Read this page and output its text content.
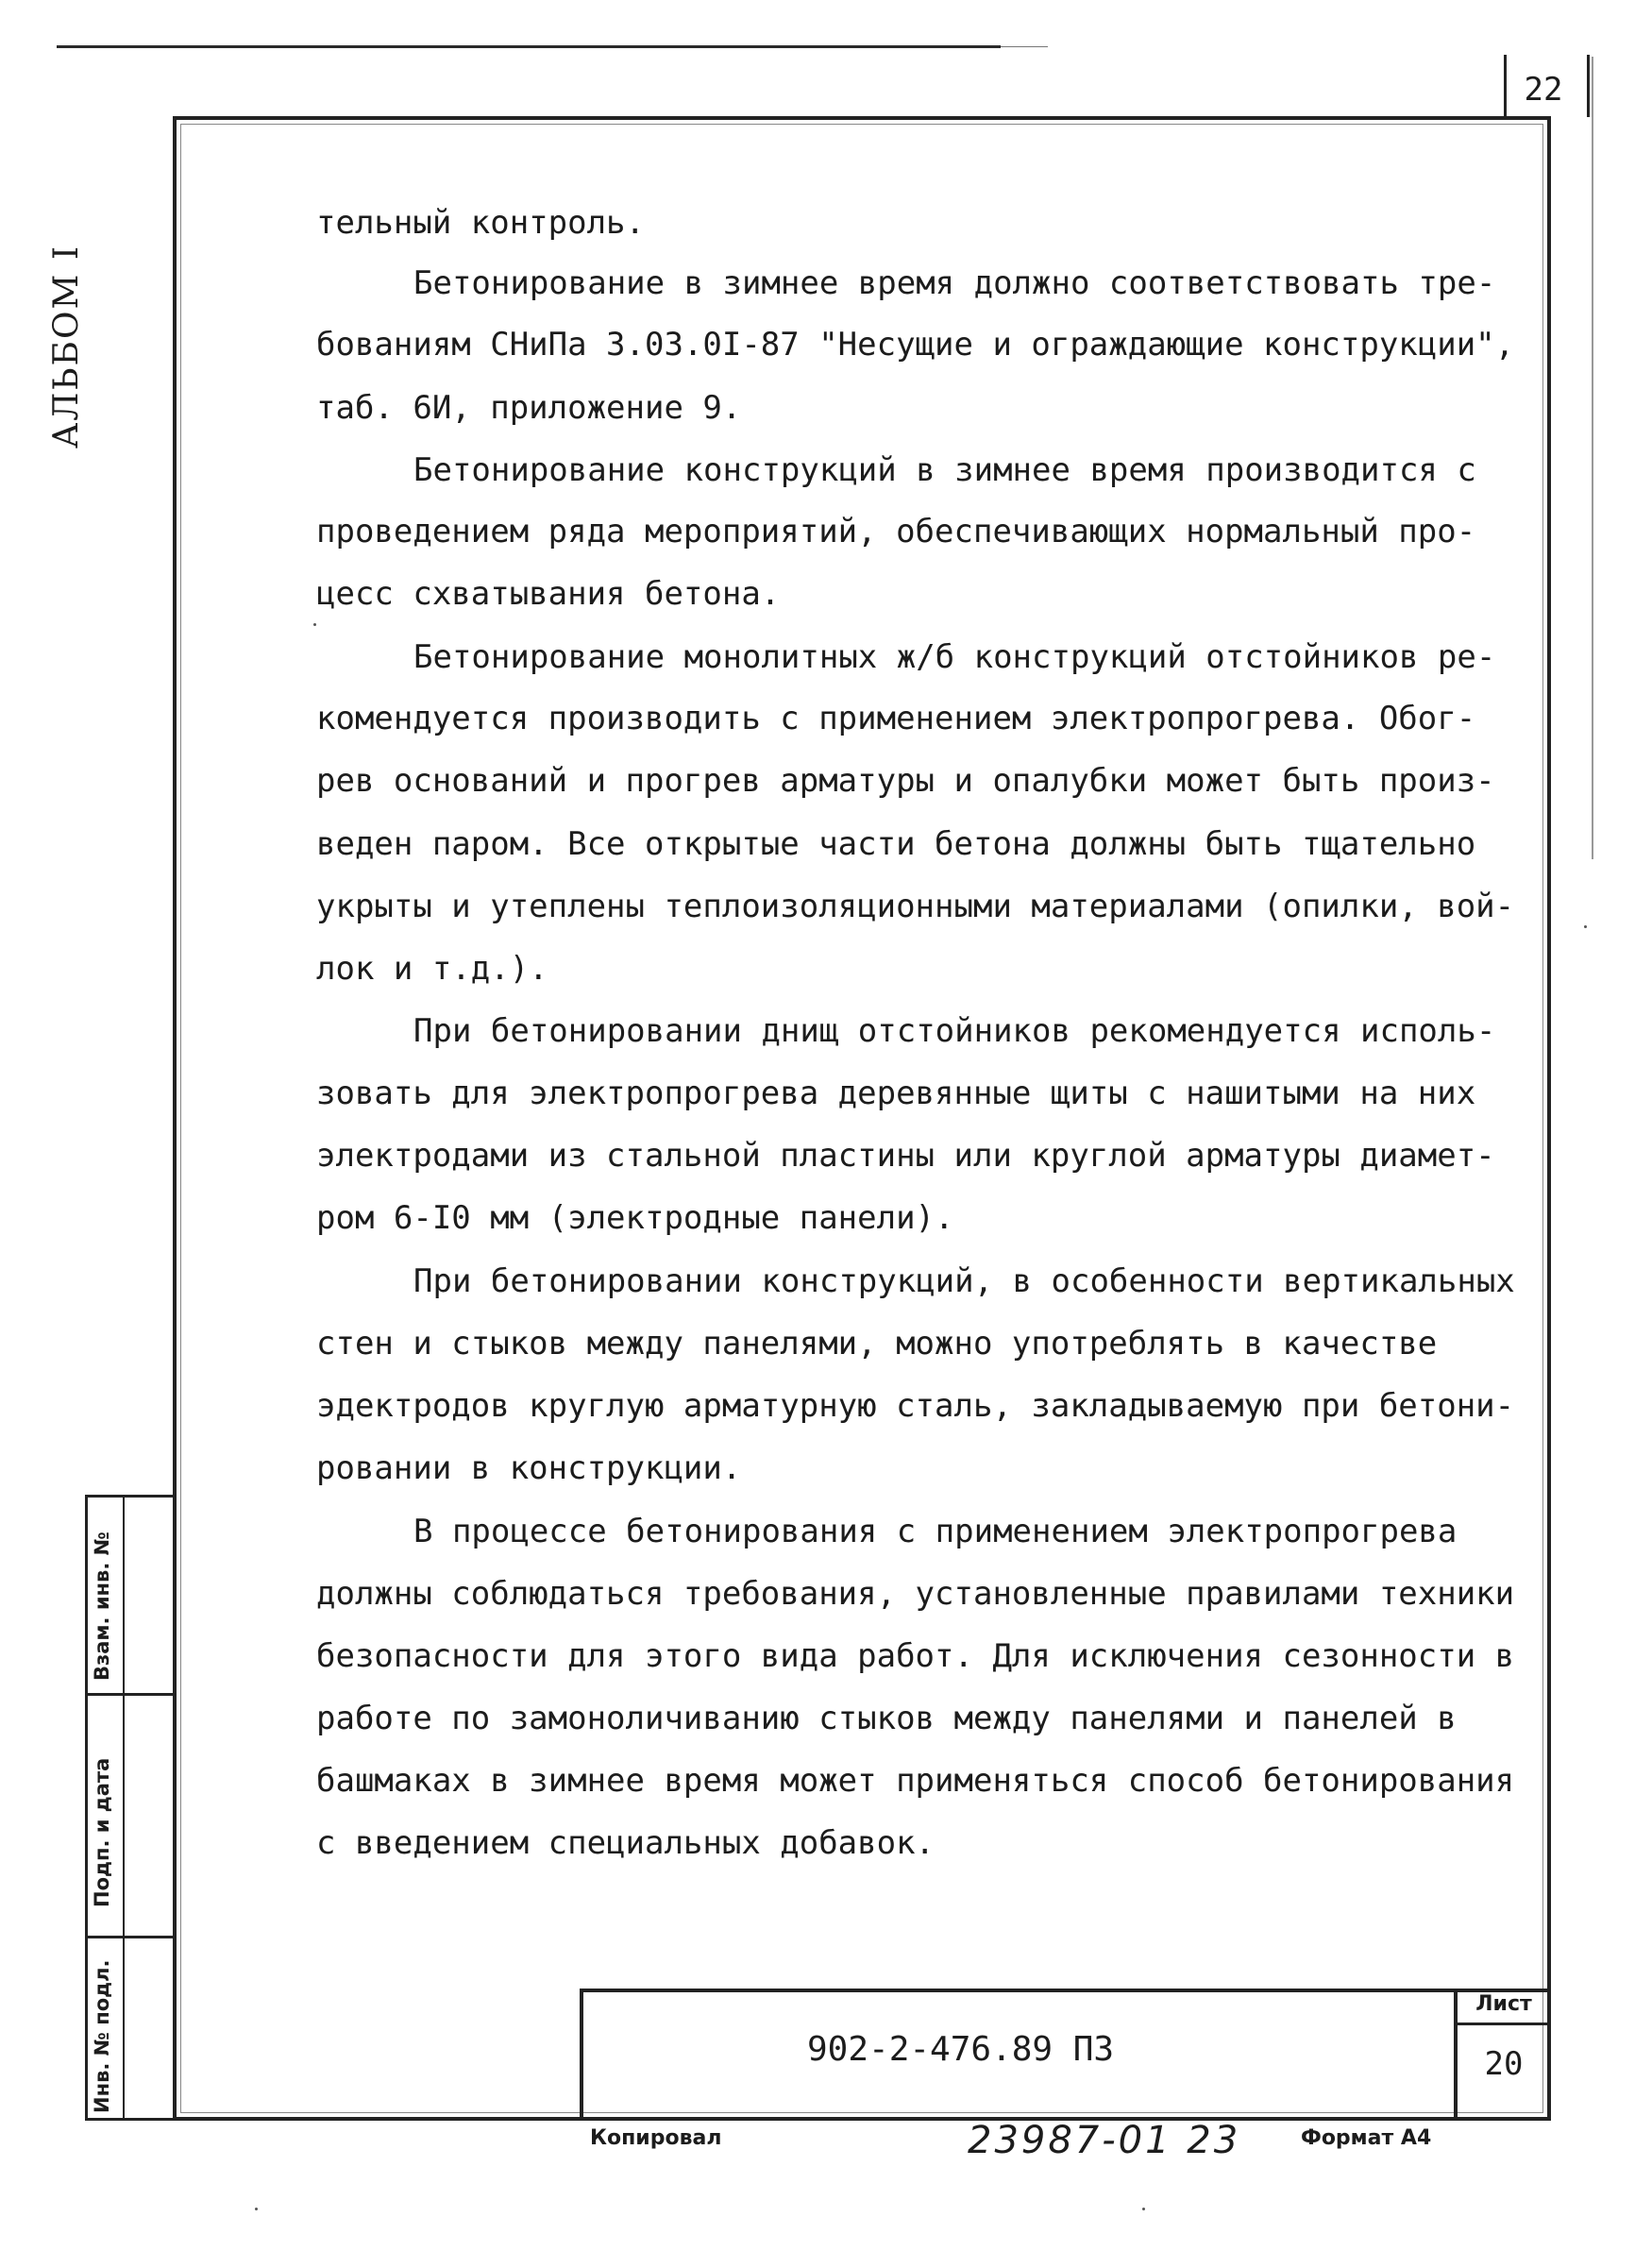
22
АЛЬБОМ I
Взам. инв. №
Подп. и дата
Инв. № подл.
тельный контроль.
Бетонирование в зимнее время должно соответствовать тре-
бованиям СНиПа 3.03.0I-87 "Несущие и ограждающие конструкции",
таб. 6И, приложение 9.
Бетонирование конструкций в зимнее время производится с
проведением ряда мероприятий, обеспечивающих нормальный про-
цесс схватывания бетона.
Бетонирование монолитных ж/б конструкций отстойников ре-
комендуется производить с применением электропрогрева. Обог-
рев оснований и прогрев арматуры и опалубки может быть произ-
веден паром. Все открытые части бетона должны быть тщательно
укрыты и утеплены теплоизоляционными материалами (опилки, вой-
лок и т.д.).
При бетонировании днищ отстойников рекомендуется исполь-
зовать для электропрогрева деревянные щиты с нашитыми на них
электродами из стальной пластины или круглой арматуры диамет-
ром 6-I0 мм (электродные панели).
При бетонировании конструкций, в особенности вертикальных
стен и стыков между панелями, можно употреблять в качестве
эдектродов круглую арматурную сталь, закладываемую при бетони-
ровании в конструкции.
В процессе бетонирования с применением электропрогрева
должны соблюдаться требования, установленные правилами техники
безопасности для этого вида работ. Для исключения сезонности в
работе по замоноличиванию стыков между панелями и панелей в
башмаках в зимнее время может применяться способ бетонирования
с введением специальных добавок.
902-2-476.89 ПЗ
Лист
20
Копировал	23987-01 23	Формат А4
